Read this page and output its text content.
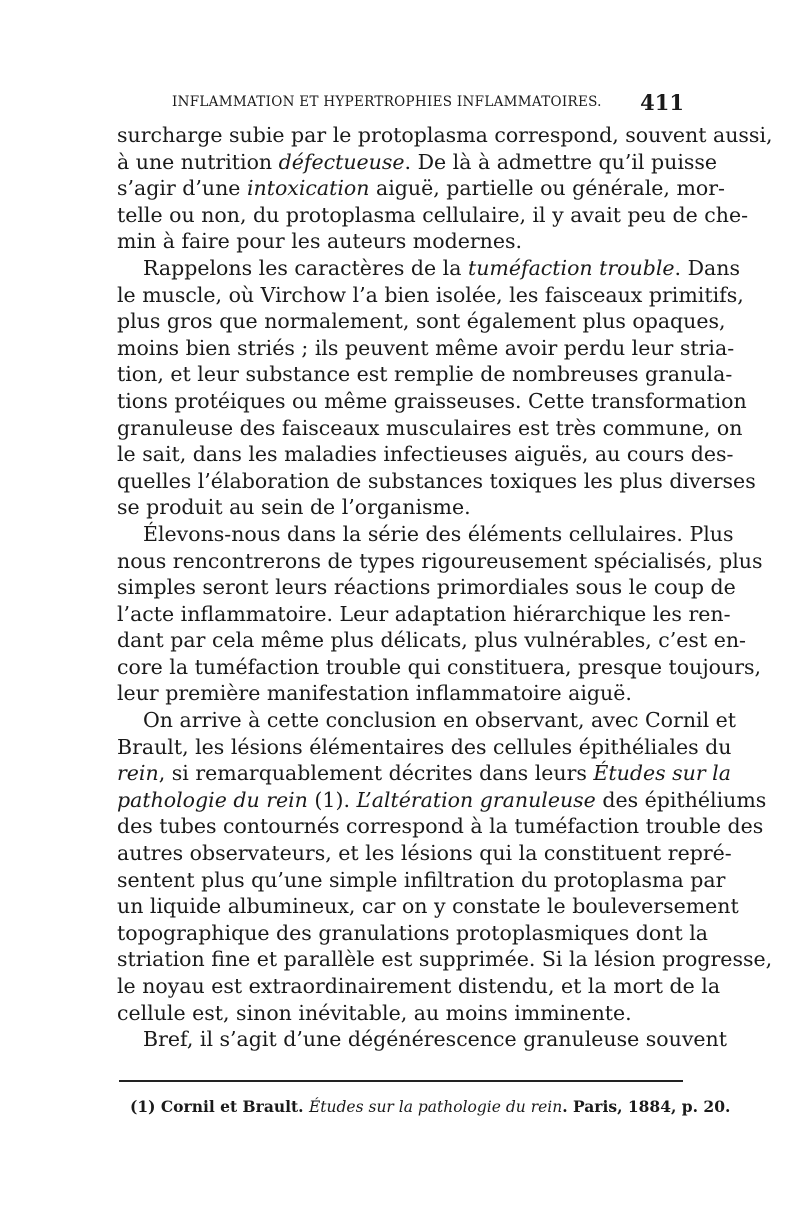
INFLAMMATION ET HYPERTROPHIES INFLAMMATOIRES. 411
surcharge subie par le protoplasma correspond, souvent aussi,
à une nutrition défectueuse. De là à admettre qu’il puisse
s’agir d’une intoxication aiguë, partielle ou générale, mor-
telle ou non, du protoplasma cellulaire, il y avait peu de che-
min à faire pour les auteurs modernes.
Rappelons les caractères de la tuméfaction trouble. Dans
le muscle, où Virchow l’a bien isolée, les faisceaux primitifs,
plus gros que normalement, sont également plus opaques,
moins bien striés ; ils peuvent même avoir perdu leur stria-
tion, et leur substance est remplie de nombreuses granula-
tions protéiques ou même graisseuses. Cette transformation
granuleuse des faisceaux musculaires est très commune, on
le sait, dans les maladies infectieuses aiguës, au cours des-
quelles l’élaboration de substances toxiques les plus diverses
se produit au sein de l’organisme.
Élevons-nous dans la série des éléments cellulaires. Plus
nous rencontrerons de types rigoureusement spécialisés, plus
simples seront leurs réactions primordiales sous le coup de
l’acte inflammatoire. Leur adaptation hiérarchique les ren-
dant par cela même plus délicats, plus vulnérables, c’est en-
core la tuméfaction trouble qui constituera, presque toujours,
leur première manifestation inflammatoire aiguë.
On arrive à cette conclusion en observant, avec Cornil et
Brault, les lésions élémentaires des cellules épithéliales du
rein, si remarquablement décrites dans leurs Études sur la
pathologie du rein (1). L’altération granuleuse des épithéliums
des tubes contournés correspond à la tuméfaction trouble des
autres observateurs, et les lésions qui la constituent repré-
sentent plus qu’une simple infiltration du protoplasma par
un liquide albumineux, car on y constate le bouleversement
topographique des granulations protoplasmiques dont la
striation fine et parallèle est supprimée. Si la lésion progresse,
le noyau est extraordinairement distendu, et la mort de la
cellule est, sinon inévitable, au moins imminente.
Bref, il s’agit d’une dégénérescence granuleuse souvent
(1) Cornil et Brault. Études sur la pathologie du rein. Paris, 1884, p. 20.
